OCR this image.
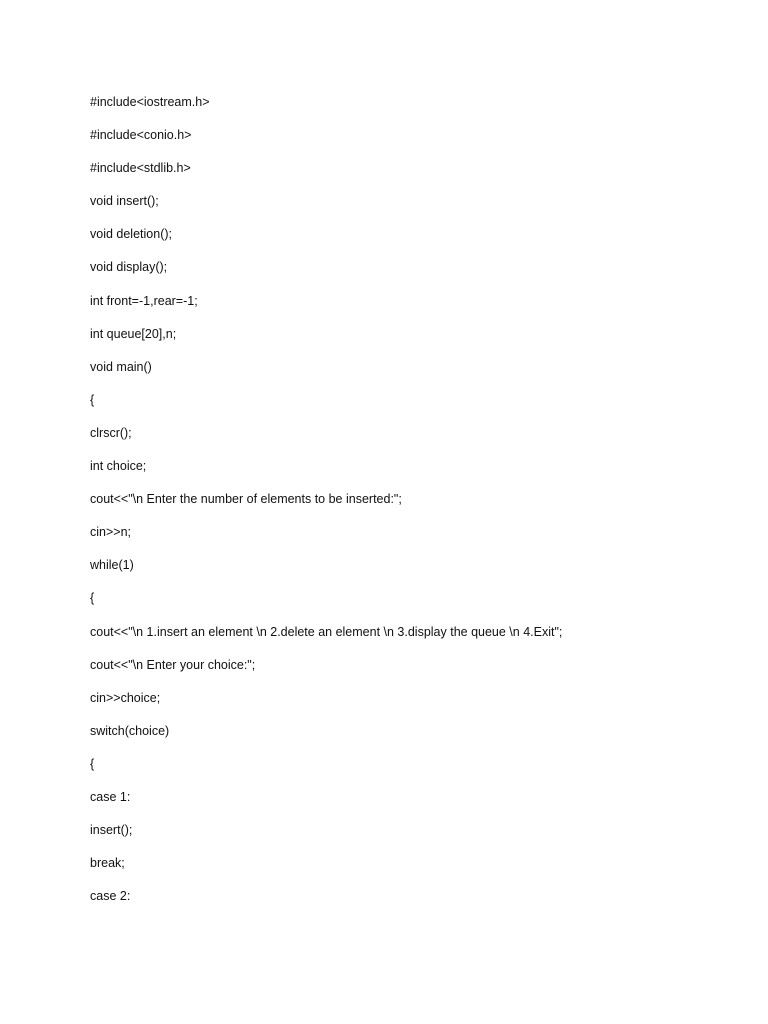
#include<iostream.h>
#include<conio.h>
#include<stdlib.h>
void insert();
void deletion();
void display();
int front=-1,rear=-1;
int queue[20],n;
void main()
{
clrscr();
int choice;
cout<<"\n Enter the number of elements to be inserted:";
cin>>n;
while(1)
{
cout<<"\n 1.insert an element \n 2.delete an element \n 3.display the queue \n 4.Exit";
cout<<"\n Enter your choice:";
cin>>choice;
switch(choice)
{
case 1:
insert();
break;
case 2:
